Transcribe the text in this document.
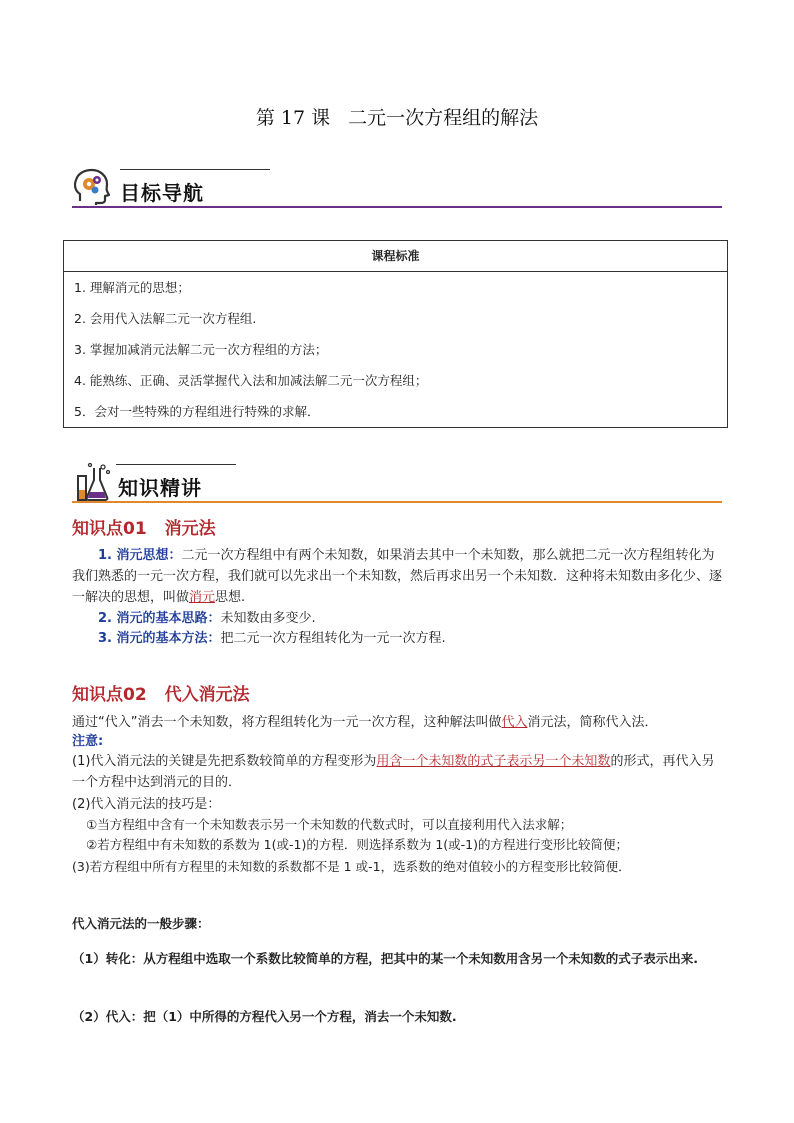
第 17 课 二元一次方程组的解法
目标导航
课程标准
1. 理解消元的思想；
2. 会用代入法解二元一次方程组.
3. 掌握加减消元法解二元一次方程组的方法；
4. 能熟练、正确、灵活掌握代入法和加减法解二元一次方程组；
5．会对一些特殊的方程组进行特殊的求解．
知识精讲
知识点01 消元法
1. 消元思想：二元一次方程组中有两个未知数，如果消去其中一个未知数，那么就把二元一次方程组转化为我们熟悉的一元一次方程，我们就可以先求出一个未知数，然后再求出另一个未知数．这种将未知数由多化少、逐一解决的思想，叫做消元思想.
2. 消元的基本思路：未知数由多变少.
3. 消元的基本方法：把二元一次方程组转化为一元一次方程.
知识点02 代入消元法
通过“代入”消去一个未知数，将方程组转化为一元一次方程，这种解法叫做代入消元法，简称代入法．
注意:
(1)代入消元法的关键是先把系数较简单的方程变形为用含一个未知数的式子表示另一个未知数的形式，再代入另一个方程中达到消元的目的．
(2)代入消元法的技巧是：
①当方程组中含有一个未知数表示另一个未知数的代数式时，可以直接利用代入法求解；
②若方程组中有未知数的系数为 1(或-1)的方程．则选择系数为 1(或-1)的方程进行变形比较简便；
(3)若方程组中所有方程里的未知数的系数都不是 1 或-1，选系数的绝对值较小的方程变形比较简便．
代入消元法的一般步骤：
（1）转化：从方程组中选取一个系数比较简单的方程，把其中的某一个未知数用含另一个未知数的式子表示出来.
（2）代入：把（1）中所得的方程代入另一个方程，消去一个未知数.
